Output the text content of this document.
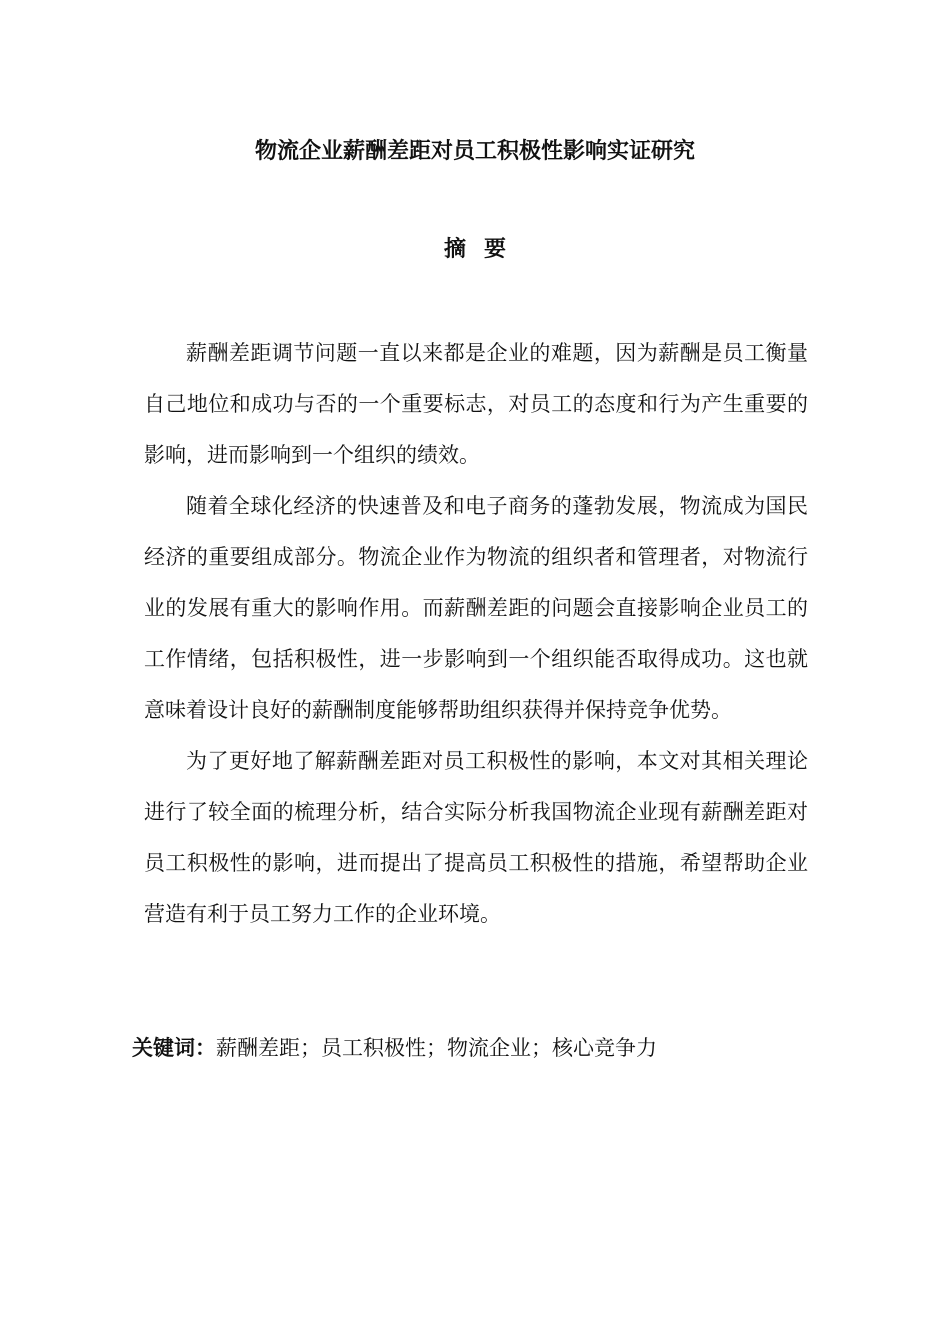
物流企业薪酬差距对员工积极性影响实证研究
摘要

薪酬差距调节问题一直以来都是企业的难题，因为薪酬是员工衡量自己地位和成功与否的一个重要标志，对员工的态度和行为产生重要的影响，进而影响到一个组织的绩效。

随着全球化经济的快速普及和电子商务的蓬勃发展，物流成为国民经济的重要组成部分。物流企业作为物流的组织者和管理者，对物流行业的发展有重大的影响作用。而薪酬差距的问题会直接影响企业员工的工作情绪，包括积极性，进一步影响到一个组织能否取得成功。这也就意味着设计良好的薪酬制度能够帮助组织获得并保持竞争优势。

为了更好地了解薪酬差距对员工积极性的影响，本文对其相关理论进行了较全面的梳理分析，结合实际分析我国物流企业现有薪酬差距对员工积极性的影响，进而提出了提高员工积极性的措施，希望帮助企业营造有利于员工努力工作的企业环境。

关键词：薪酬差距；员工积极性；物流企业；核心竞争力
